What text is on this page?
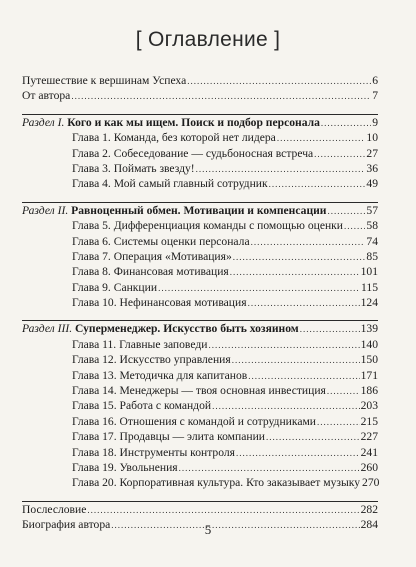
[ Оглавление ]
Путешествие к вершинам Успеха .....	6
От автора .....	7
Раздел I. Кого и как мы ищем. Поиск и подбор персонала .....	9
Глава 1. Команда, без которой нет лидера .....	10
Глава 2. Собеседование — судьбоносная встреча .....	27
Глава 3. Поймать звезду! .....	36
Глава 4. Мой самый главный сотрудник .....	49
Раздел II. Равноценный обмен. Мотивации и компенсации .....	57
Глава 5. Дифференциация команды с помощью оценки ..... 58
Глава 6. Системы оценки персонала .....	74
Глава 7. Операция «Мотивация» .....	85
Глава 8. Финансовая мотивация .....	101
Глава 9. Санкции .....	115
Глава 10. Нефинансовая мотивация .....	124
Раздел III. Суперменеджер. Искусство быть хозяином .....	139
Глава 11. Главные заповеди .....	140
Глава 12. Искусство управления .....	150
Глава 13. Методичка для капитанов .....	171
Глава 14. Менеджеры — твоя основная инвестиция .....	186
Глава 15. Работа с командой .....	203
Глава 16. Отношения с командой и сотрудниками .....	215
Глава 17. Продавцы — элита компании .....	227
Глава 18. Инструменты контроля .....	241
Глава 19. Увольнения .....	260
Глава 20. Корпоративная культура. Кто заказывает музыку 270
Послесловие .....	282
Биография автора .....	284
5
